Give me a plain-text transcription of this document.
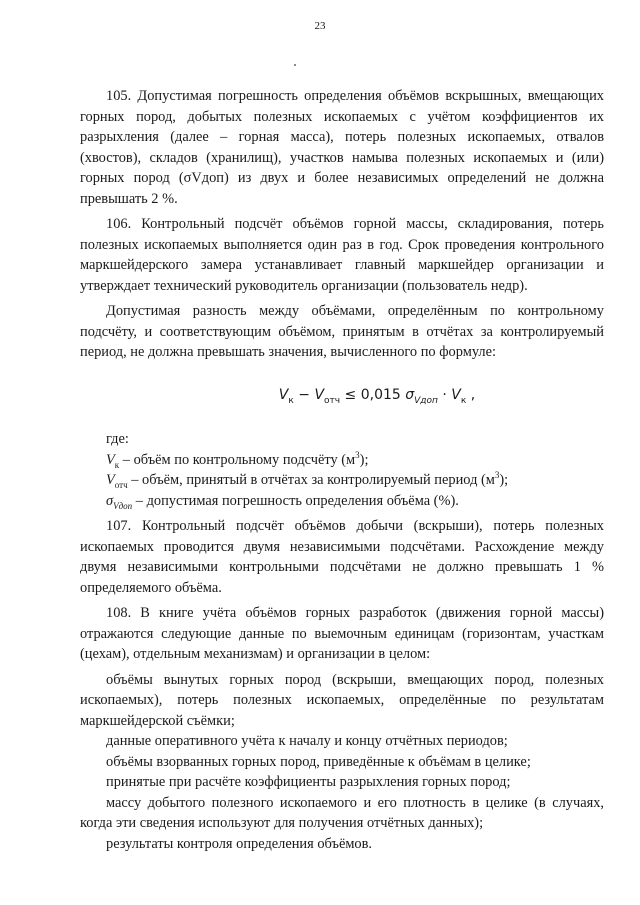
23

105. Допустимая погрешность определения объёмов вскрышных, вмещающих горных пород, добытых полезных ископаемых с учётом коэффициентов их разрыхления (далее – горная масса), потерь полезных ископаемых, отвалов (хвостов), складов (хранилищ), участков намыва полезных ископаемых и (или) горных пород (σVдоп) из двух и более независимых определений не должна превышать 2 %.

106. Контрольный подсчёт объёмов горной массы, складирования, потерь полезных ископаемых выполняется один раз в год. Срок проведения контрольного маркшейдерского замера устанавливает главный маркшейдер организации и утверждает технический руководитель организации (пользователь недр).

Допустимая разность между объёмами, определённым по контрольному подсчёту, и соответствующим объёмом, принятым в отчётах за контролируемый период, не должна превышать значения, вычисленного по формуле:

$V_к - V_{отч} \le 0,015$ $\sigma_{Vдоп} \cdot V_к$ ,

где:

$V_к$ – объём по контрольному подсчёту $(м^3)$;

$V_{отч}$ – объём, принятый в отчётах за контролируемый период $(м^3)$;

$\sigma_{Vдоп}$ – допустимая погрешность определения объёма (%).

107. Контрольный подсчёт объёмов добычи (вскрыши), потерь полезных ископаемых проводится двумя независимыми подсчётами. Расхождение между двумя независимыми контрольными подсчётами не должно превышать 1 % определяемого объёма.

108. В книге учёта объёмов горных разработок (движения горной массы) отражаются следующие данные по выемочным единицам (горизонтам, участкам (цехам), отдельным механизмам) и организации в целом:

объёмы вынутых горных пород (вскрыши, вмещающих пород, полезных ископаемых), потерь полезных ископаемых, определённые по результатам маркшейдерской съёмки;

данные оперативного учёта к началу и концу отчётных периодов;

объёмы взорванных горных пород, приведённые к объёмам в целике;

принятые при расчёте коэффициенты разрыхления горных пород;

массу добытого полезного ископаемого и его плотность в целике (в случаях, когда эти сведения используют для получения отчётных данных);

результаты контроля определения объёмов.
